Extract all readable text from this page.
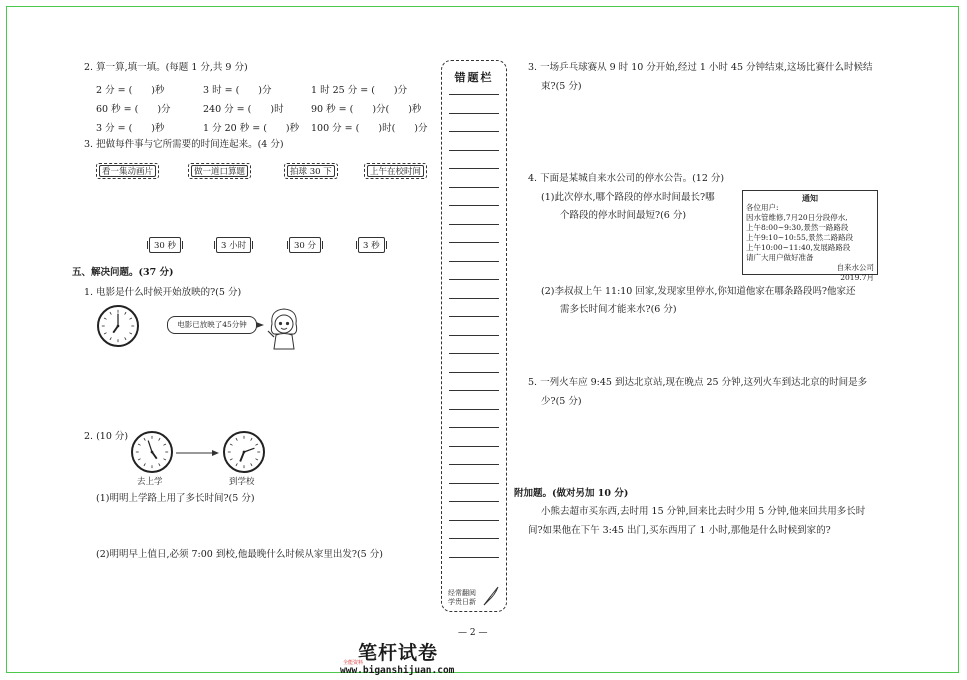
2. 算一算,填一填。(每题 1 分,共 9 分)
2 分 = (　　)秒	3 时 = (　　)分	1 时 25 分 = (　　)分
60 秒 = (　　)分	240 分 = (　　)时	90 秒 = (　　)分(　　)秒
3 分 = (　　)秒	1 分 20 秒 = (　　)秒 100 分 = (　　)时(　　)分
3. 把做每件事与它所需要的时间连起来。(4 分)
看一集动画片	做一道口算题	拍球 30 下	上午在校时间
30 秒	3 小时	30 分	3 秒
五、解决问题。(37 分)
1. 电影是什么时候开始放映的?(5 分)
电影已放映了45分钟
2. (10 分)
去上学	到学校
(1)明明上学路上用了多长时间?(5 分)
(2)明明早上值日,必须 7:00 到校,他最晚什么时候从家里出发?(5 分)
错题栏
经常翻阅
学贵日新
3. 一场乒乓球赛从 9 时 10 分开始,经过 1 小时 45 分钟结束,这场比赛什么时候结
束?(5 分)
4. 下面是某城自来水公司的停水公告。(12 分)
(1)此次停水,哪个路段的停水时间最长?哪
个路段的停水时间最短?(6 分)
通知
各位用户:
因水管维修,7月20日分段停水,
上午8:00~9:30,景然一路路段
上午9:10~10:55,景然二路路段
上午10:00~11:40,发展路路段
请广大用户做好准备
自来水公司
2019.7月
(2)李叔叔上午 11:10 回家,发现家里停水,你知道他家在哪条路段吗?他家还
需多长时间才能来水?(6 分)
5. 一列火车应 9:45 到达北京站,现在晚点 25 分钟,这列火车到达北京的时间是多
少?(5 分)
附加题。(做对另加 10 分)
小熊去超市买东西,去时用 15 分钟,回来比去时少用 5 分钟,他来回共用多长时
间?如果他在下午 3:45 出门,买东西用了 1 小时,那他是什么时候到家的?
— 2 —
笔杆试卷
全能资料
www.biganshijuan.com
